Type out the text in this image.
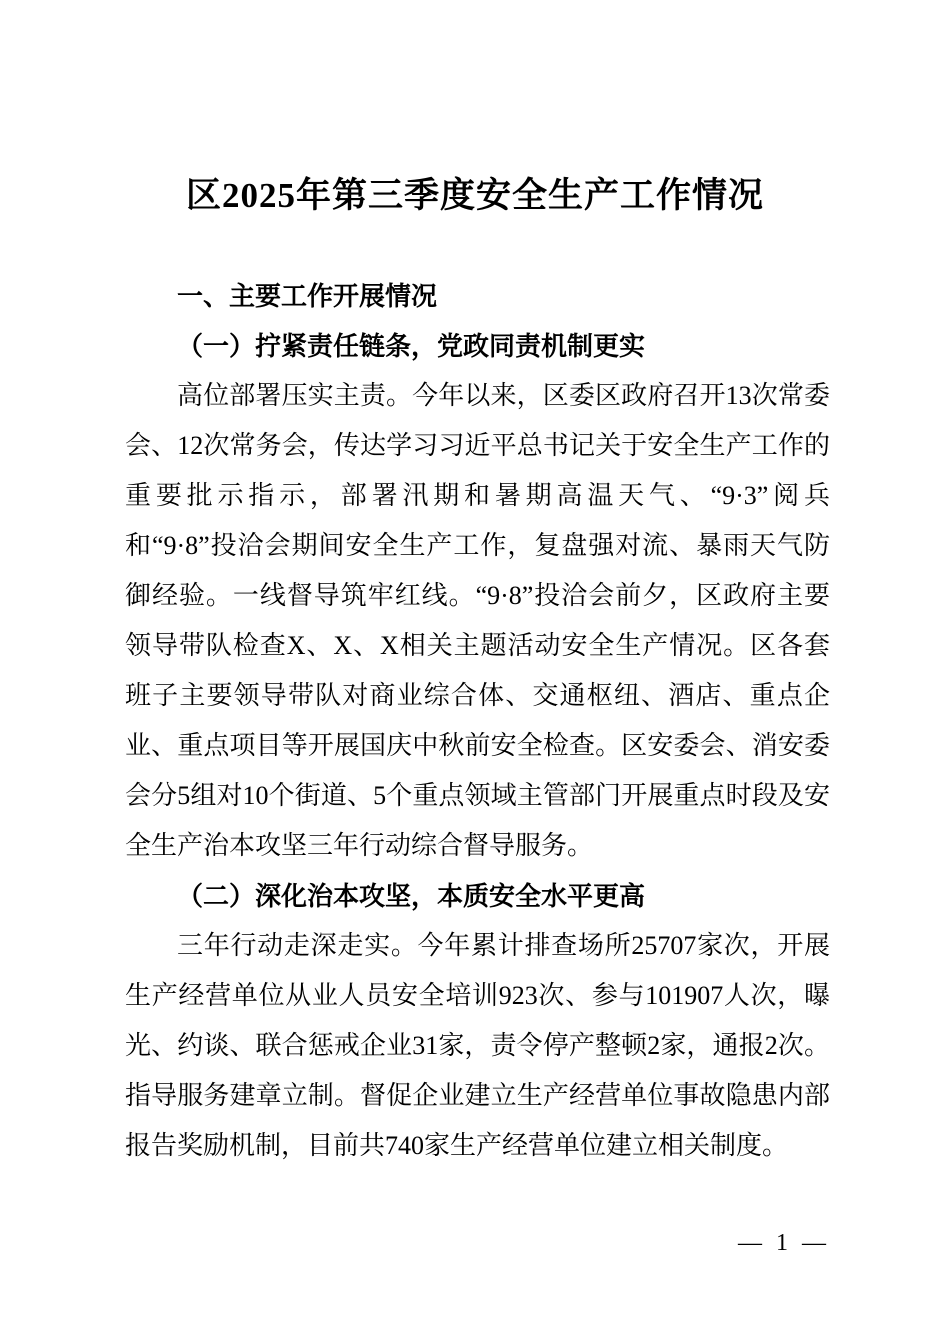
区2025年第三季度安全生产工作情况
一、主要工作开展情况
（一）拧紧责任链条，党政同责机制更实

高位部署压实主责。今年以来，区委区政府召开13次常委会、12次常务会，传达学习习近平总书记关于安全生产工作的重要批示指示，部署汛期和暑期高温天气、“9·3”阅兵和“9·8”投洽会期间安全生产工作，复盘强对流、暴雨天气防御经验。一线督导筑牢红线。“9·8”投洽会前夕，区政府主要领导带队检查X、X、X相关主题活动安全生产情况。区各套班子主要领导带队对商业综合体、交通枢纽、酒店、重点企业、重点项目等开展国庆中秋前安全检查。区安委会、消安委会分5组对10个街道、5个重点领域主管部门开展重点时段及安全生产治本攻坚三年行动综合督导服务。

（二）深化治本攻坚，本质安全水平更高

三年行动走深走实。今年累计排查场所25707家次，开展生产经营单位从业人员安全培训923次、参与101907人次，曝光、约谈、联合惩戒企业31家，责令停产整顿2家，通报2次。指导服务建章立制。督促企业建立生产经营单位事故隐患内部报告奖励机制，目前共740家生产经营单位建立相关制度。

— 1 —
